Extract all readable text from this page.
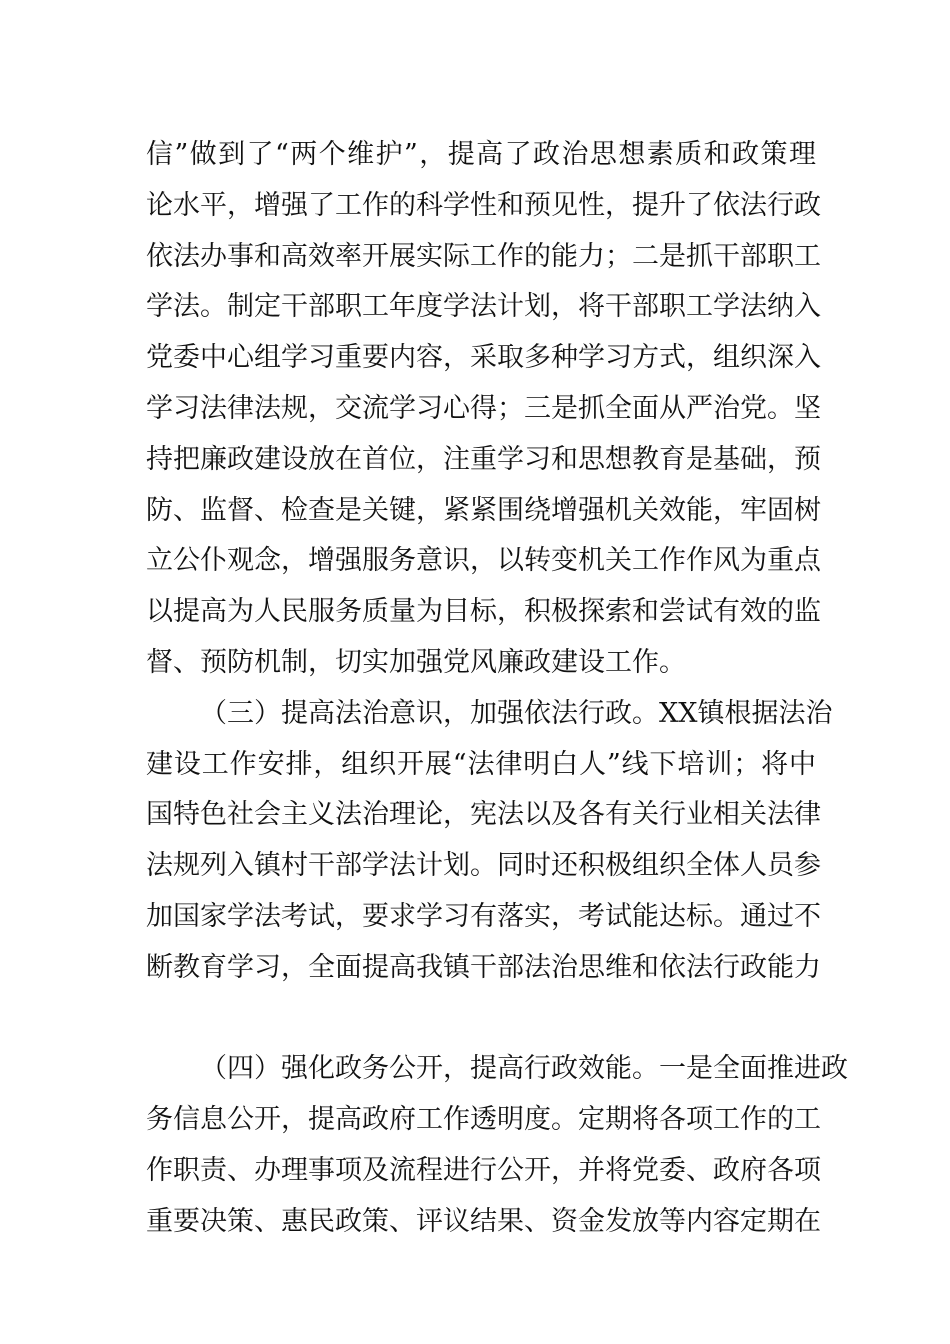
信”做到了“两个维护”，提高了政治思想素质和政策理
论水平，增强了工作的科学性和预见性，提升了依法行政
依法办事和高效率开展实际工作的能力；二是抓干部职工
学法。制定干部职工年度学法计划，将干部职工学法纳入
党委中心组学习重要内容，采取多种学习方式，组织深入
学习法律法规，交流学习心得；三是抓全面从严治党。坚
持把廉政建设放在首位，注重学习和思想教育是基础，预
防、监督、检查是关键，紧紧围绕增强机关效能，牢固树
立公仆观念，增强服务意识，以转变机关工作作风为重点
以提高为人民服务质量为目标，积极探索和尝试有效的监
督、预防机制，切实加强党风廉政建设工作。
（三）提高法治意识，加强依法行政。XX镇根据法治
建设工作安排，组织开展“法律明白人”线下培训；将中
国特色社会主义法治理论，宪法以及各有关行业相关法律
法规列入镇村干部学法计划。同时还积极组织全体人员参
加国家学法考试，要求学习有落实，考试能达标。通过不
断教育学习，全面提高我镇干部法治思维和依法行政能力
（四）强化政务公开，提高行政效能。一是全面推进政
务信息公开，提高政府工作透明度。定期将各项工作的工
作职责、办理事项及流程进行公开，并将党委、政府各项
重要决策、惠民政策、评议结果、资金发放等内容定期在
